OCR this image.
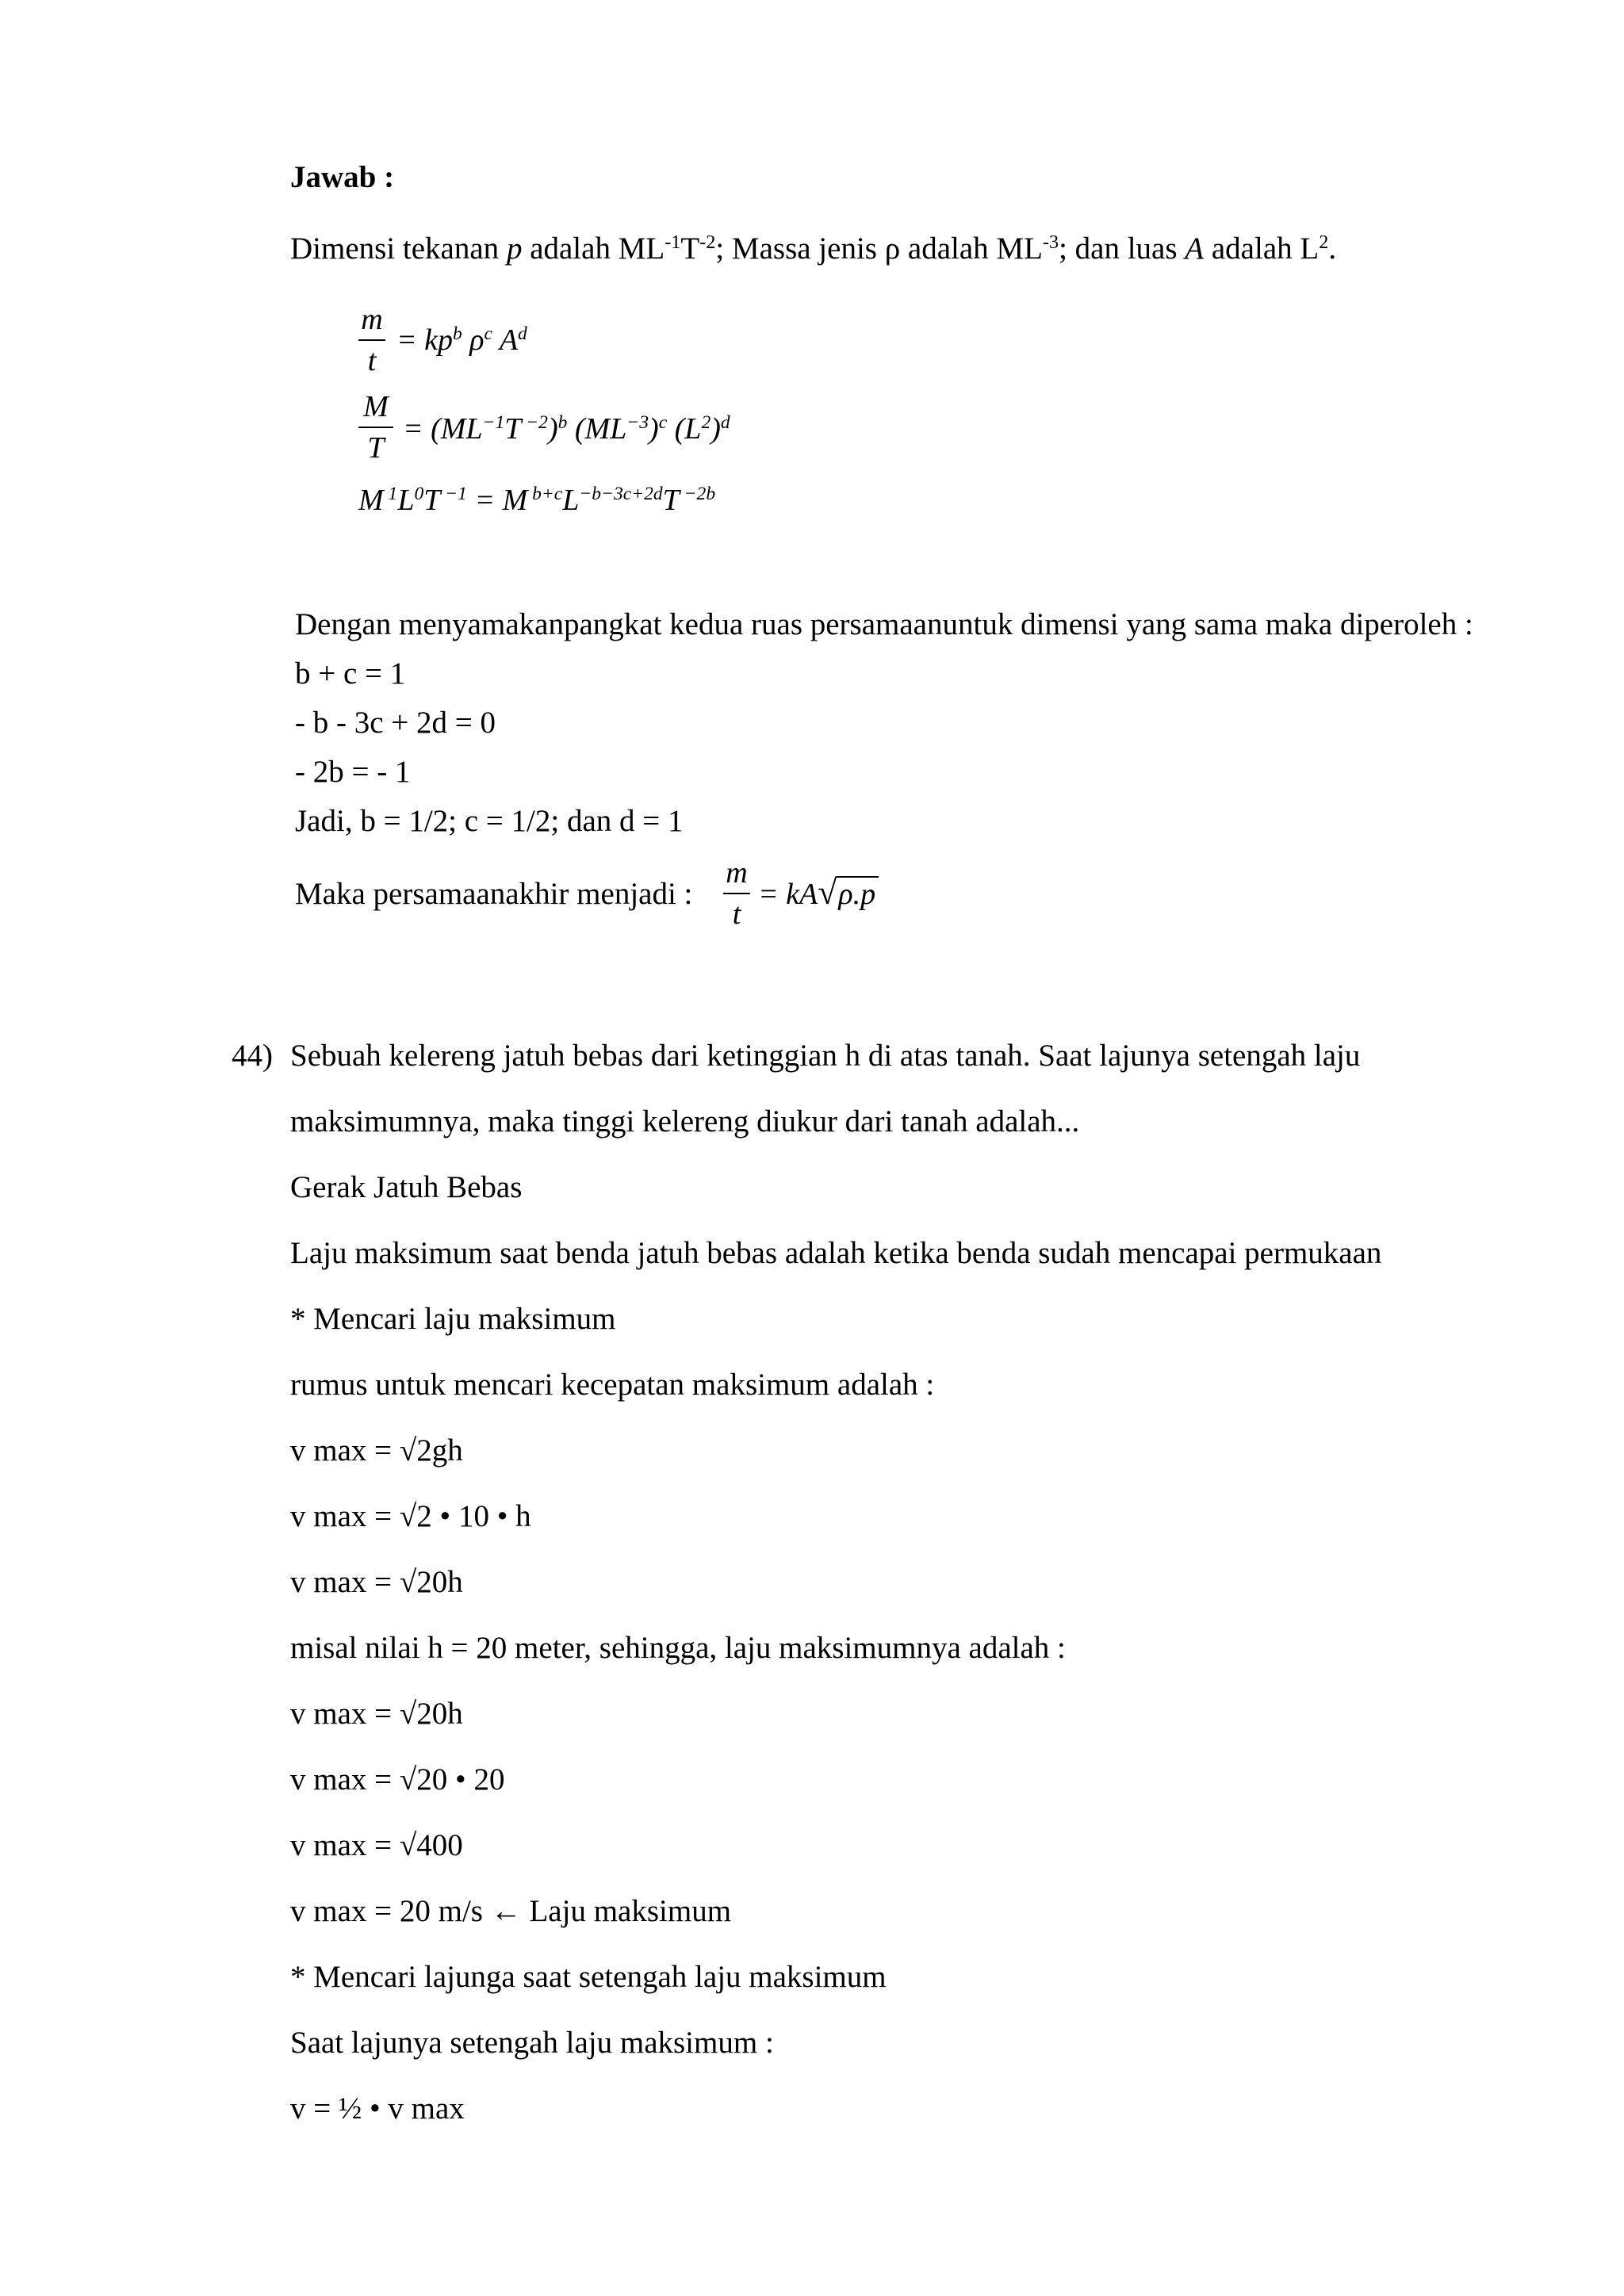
Jawab :
Dimensi tekanan p adalah $ML^{-1}T^{-2}$; Massa jenis ρ adalah $ML^{-3}$; dan luas A adalah $L^2$.
m
t
= $kp^b$ $\rho^c$ $A^d$
M
T
= ($ML^{-1}T$ $^{-2}$)$^b$ $(ML^{-3})^c$ $(L^2)^d$
M $^1L^0T$ $^{-1}$ = M $^{b+c}L^{-b-3c+2d}T$ $^{-2b}$
Dengan menyamakanpangkat kedua ruas persamaanuntuk dimensi yang sama maka diperoleh :
b + c = 1
- b - 3c + 2d = 0
- 2b = - 1
Jadi, b = 1/2; c = 1/2; dan d = 1
Maka persamaanakhir menjadi :
m
t
= kA√ρ.p
44) Sebuah kelereng jatuh bebas dari ketinggian h di atas tanah. Saat lajunya setengah laju
maksimumnya, maka tinggi kelereng diukur dari tanah adalah...
Gerak Jatuh Bebas
Laju maksimum saat benda jatuh bebas adalah ketika benda sudah mencapai permukaan
* Mencari laju maksimum
rumus untuk mencari kecepatan maksimum adalah :
v max = √2gh
v max = √2 • 10 • h
v max = √20h
misal nilai h = 20 meter, sehingga, laju maksimumnya adalah :
v max = √20h
v max = √20 • 20
v max = √400
v max = 20 m/s ← Laju maksimum
* Mencari lajunga saat setengah laju maksimum
Saat lajunya setengah laju maksimum :
v = ½ • v max
